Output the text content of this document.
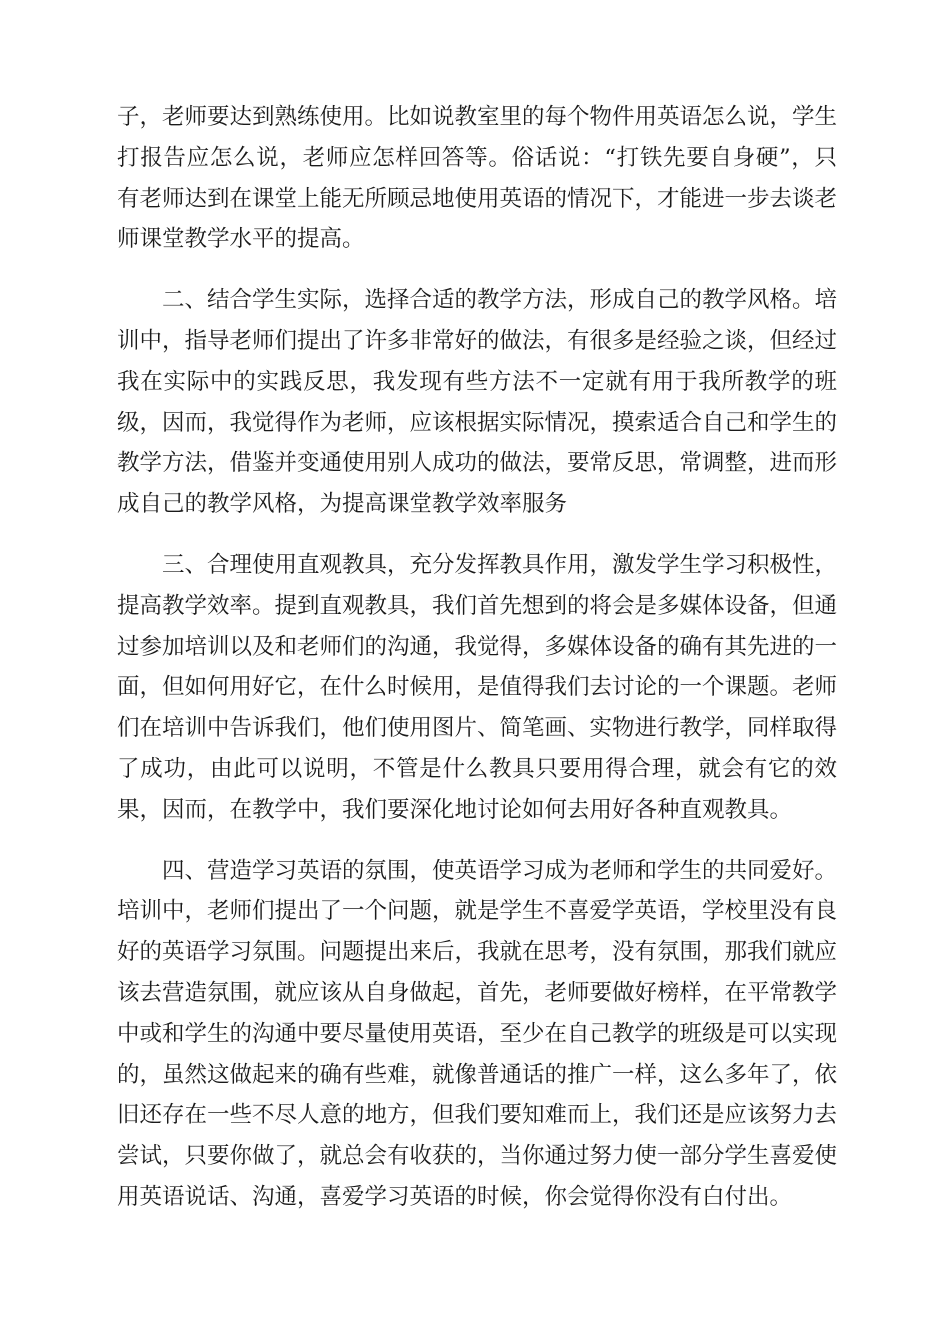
子，老师要达到熟练使用。比如说教室里的每个物件用英语怎么说，学生打报告应怎么说，老师应怎样回答等。俗话说：“打铁先要自身硬”，只有老师达到在课堂上能无所顾忌地使用英语的情况下，才能进一步去谈老师课堂教学水平的提高。

二、结合学生实际，选择合适的教学方法，形成自己的教学风格。培训中，指导老师们提出了许多非常好的做法，有很多是经验之谈，但经过我在实际中的实践反思，我发现有些方法不一定就有用于我所教学的班级，因而，我觉得作为老师，应该根据实际情况，摸索适合自己和学生的教学方法，借鉴并变通使用别人成功的做法，要常反思，常调整，进而形成自己的教学风格，为提高课堂教学效率服务

三、合理使用直观教具，充分发挥教具作用，激发学生学习积极性，提高教学效率。提到直观教具，我们首先想到的将会是多媒体设备，但通过参加培训以及和老师们的沟通，我觉得，多媒体设备的确有其先进的一面，但如何用好它，在什么时候用，是值得我们去讨论的一个课题。老师们在培训中告诉我们，他们使用图片、简笔画、实物进行教学，同样取得了成功，由此可以说明，不管是什么教具只要用得合理，就会有它的效果，因而，在教学中，我们要深化地讨论如何去用好各种直观教具。

四、营造学习英语的氛围，使英语学习成为老师和学生的共同爱好。培训中，老师们提出了一个问题，就是学生不喜爱学英语，学校里没有良好的英语学习氛围。问题提出来后，我就在思考，没有氛围，那我们就应该去营造氛围，就应该从自身做起，首先，老师要做好榜样，在平常教学中或和学生的沟通中要尽量使用英语，至少在自己教学的班级是可以实现的，虽然这做起来的确有些难，就像普通话的推广一样，这么多年了，依旧还存在一些不尽人意的地方，但我们要知难而上，我们还是应该努力去尝试，只要你做了，就总会有收获的，当你通过努力使一部分学生喜爱使用英语说话、沟通，喜爱学习英语的时候，你会觉得你没有白付出。
